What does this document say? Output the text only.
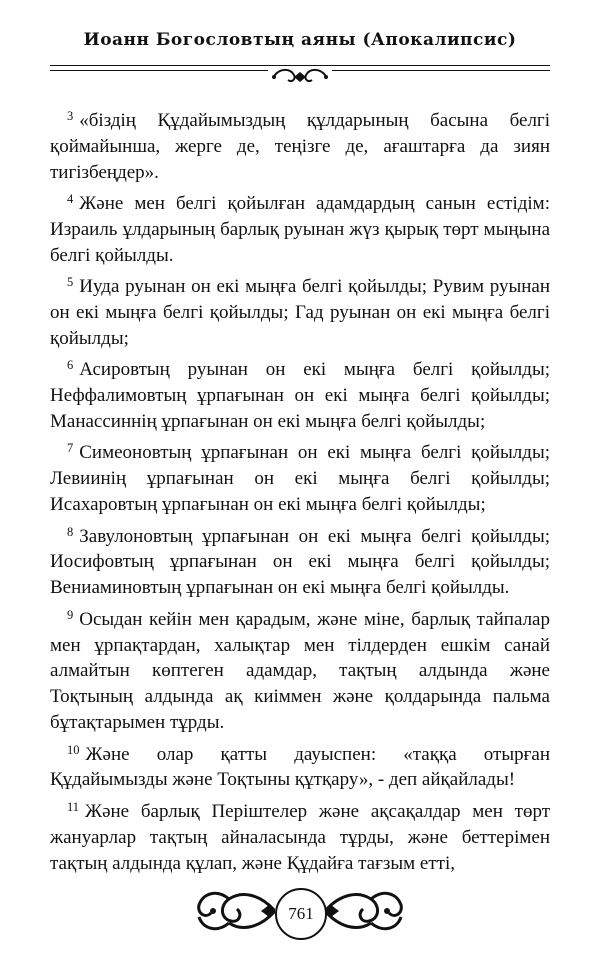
Иоанн Богословтың аяны (Апокалипсис)

$^3$ «біздің Құдайымыздың құлдарының басына белгі қоймайынша, жерге де, теңізге де, ағаштарға да зиян тигізбеңдер».

$^4$ Және мен белгі қойылған адамдардың санын естідім: Израиль ұлдарының барлық руынан жүз қырық төрт мыңына белгі қойылды.

$^5$ Иуда руынан он екі мыңға белгі қойылды; Рувим руынан он екі мыңға белгі қойылды; Гад руынан он екі мыңға белгі қойылды;

$^6$ Асировтың руынан он екі мыңға белгі қойылды; Неффалимовтың ұрпағынан он екі мыңға белгі қойылды; Манассиннің ұрпағынан он екі мыңға белгі қойылды;

$^7$ Симеоновтың ұрпағынан он екі мыңға белгі қойылды; Левиинің ұрпағынан он екі мыңға белгі қойылды; Исахаровтың ұрпағынан он екі мыңға белгі қойылды;

$^8$ Завулоновтың ұрпағынан он екі мыңға белгі қойылды; Иосифовтың ұрпағынан он екі мыңға белгі қойылды; Вениаминовтың ұрпағынан он екі мыңға белгі қойылды.

$^9$ Осыдан кейін мен қарадым, және міне, барлық тайпалар мен ұрпақтардан, халықтар мен тілдерден ешкім санай алмайтын көптеген адамдар, тақтың алдында және Тоқтының алдында ақ киіммен және қолдарында пальма бұтақтарымен тұрды.

$^{10}$ Және олар қатты дауыспен: «таққа отырған Құдайымызды және Тоқтыны құтқару», - деп айқайлады!

$^{11}$ Және барлық Періштелер және ақсақалдар мен төрт жануарлар тақтың айналасында тұрды, және беттерімен тақтың алдында құлап, және Құдайға тағзым етті,

761
